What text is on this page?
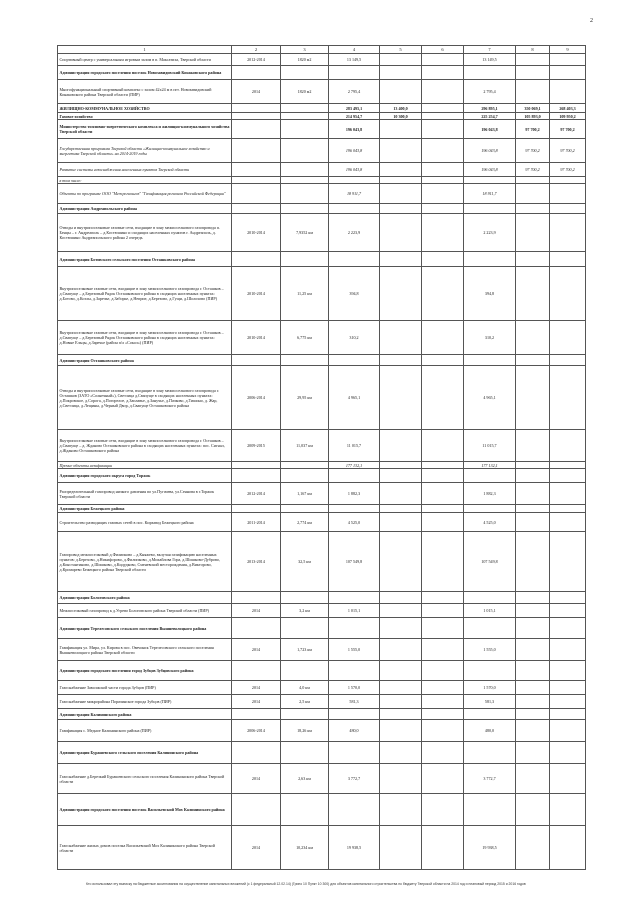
2
1	2	3	4	5	6	7	8	9
Спортивный центр с универсальным игровым залом в п. Максатиха, Тверской области	2012-2014	1820 м2	13 149,5			13 149,5		
Администрация городского поселения поселок Новозавидовский Конаковского района								
Многофункциональный спортивный комплекс с залом 42х24 м в пгт. Новозавидовский Конаковского района Тверской области (ПИР)	2014	1820 м2	2 795,4			2 795,4		
ЖИЛИЩНО-КОММУНАЛЬНОЕ ХОЗЯЙСТВО			283 495,1	13 400,0		296 895,1	350 069,1	268 403,3
Газовое хозяйство			214 954,7	10 300,0		225 254,7	105 893,0	109 950,2
Министерство топливно-энергетического комплекса и жилищно-коммунального хозяйства Тверской области			196 043,8			196 043,8	97 700,2	97 700,2
Государственная программа Тверской области «Жилищно-коммунальное хозяйство и энергетика Тверской области» на 2014-2019 годы			196 043,8			196 043,8	97 700,2	97 700,2
Развитие системы газоснабжения населенных пунктов Тверской области			196 043,8			196 043,8	97 700,2	97 700,2
в том числе:								
Объекты по программе ООО "Межрегионгаз" "Газификация регионов Российской Федерации"			18 911,7			18 911,7		
Администрация Андреапольского района								
Отводы и внутрипоселковые газовые сети, входящие в зону межпоселкового газопровода п. Бенцы – г. Андреаполь – д.Костюшино и сходящих населенных пунктов г. Андреаполь, д. Костюшино Андреапольского района 2 очередь	2010-2014	7,9352 км	2 223,9			2 223,9		
Администрация Ботовского сельского поселения Осташковского района								
Внутрипоселковые газовые сети, входящие в зону межпоселкового газопровода г. Осташков – д.Свапуще – д.Березовый Рядок Осташковского района в сходящих населенных пунктах: д.Ботово, д.Козлы, д.Заречье, д.Заборье, д.Неприе, д.Березово, д.Гущи, д.Шолохово (ПИР)	2010-2014	11,25 км	394,8			394,8		
Внутрипоселковые газовые сети, входящие в зону межпоселкового газопровода г. Осташков – д.Свапуще – д.Березовый Рядок Осташковского района в сходящих населенных пунктах: д.Новые Ельцы, д.Заречье (район п/л «Сокол») (ПИР)	2010-2014	6,775 км	310,2			310,2		
Администрация Осташковского района								
Отводы и внутрипоселковые газовые сети, входящие в зону межпоселкового газопровода г. Осташков (ЗАТО «Солнечный»), Светлица д.Свапуще в сходящих населенных пунктах: д.Покровское, д.Сорога, д.Погорелое, д.Заплавье, д.Занучье, д.Пачково, д.Тишино, д. Жар, д.Светлица, д.Лещины, д.Черный Двор, д.Свапуще Осташковского района	2006-2014	29,95 км	4 965,1			4 965,1		
Внутрипоселковые газовые сети, входящие в зону межпоселкового газопровода г. Осташков – д.Свапуще – д. Жданово Осташковского района в сходящих населенных пунктах: пос. Сигнал, д.Жданово Осташковского района	2009-2015	11,037 км	11 015,7			11 015,7		
Прочие объекты газификации			177 132,1			177 132,1		
Администрация городского округа город Торжок								
Распределительный газопровод низкого давления по ул.Пугачева, ул.Сеннова в г.Торжок Тверской области	2012-2014	1,167 км	1 882,3			1 882,3		
Администрация Бежецкого района								
Строительство разводящих газовых сетей в пос. Кирзавод Бежецкого района	2011-2014	2,774 км	4 525,0			4 525,0		
Газопровод межпоселковый д.Филипково – д.Княжево, вклучая газификацию населенных пунктов: д.Березово, д.Никифорово, д.Филипково, д.Михайлова Гора, д.Шишково-Дуброво, д.Константиново, д.Шишково, д.Кидудково, Сменевский месторождения, д.Викторово, д.Кромарево Бежецкого района Тверской области	2013-2014	32,5 км	107 549,8			107 549,8		
Администрация Бологовского района								
Межпоселковый газопровод к д.Угрево Бологовского района Тверской области (ПИР)	2014	3,2 км	1 015,1			1 015,1		
Администрация Терелесовского сельского поселения Вышневолоцкого района								
Газификация ул. Мира, ул. Кирова в пос. Овечинск Терелесовского сельского поселения Вышневолоцкого района Тверской области	2014	1,723 км	1 555,0			1 555,0		
Администрация городского поселения город Зубцов Зубцовского района								
Газоснабжение Заволжской части города Зубцов (ПИР)	2014	4,0 км	1 570,0			1 570,0		
Газоснабжение микрорайона Порачинское города Зубцов (ПИР)	2014	2,5 км	581,3			581,3		
Администрация Калининского района								
Газификация с. Медное Калининского района (ПИР)	2006-2014	18,26 км	480,0			480,0		
Администрация Бурашевского сельского поселения Калининского района								
Газоснабжение д.Березкий Бурашевского сельского поселения Калининского района Тверской области	2014	2,63 км	3 772,7			3 772,7		
Администрация городского поселения поселок Васильевский Мох Калининского района								
Газоснабжение жилых домов поселка Васильевский Мох Калининского района Тверской области	2014	10,234 км	19 938,5			19 938,5		
Кто использовал эту выписку на бюджетные ассигнования на осуществление капитальных вложений (с 1 федеральный 12.02.14) (Грино 10 Пункт 10 300) для объектов капитального строительства по бюджету Тверской области на 2014 год и плановый период 2015 и 2016 годов
